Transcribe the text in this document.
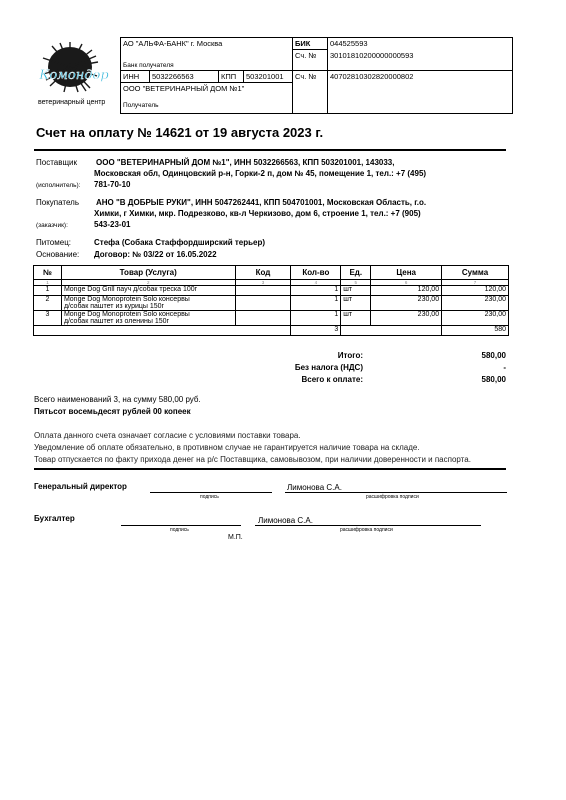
Комондор
ветеринарный центр
АО "АЛЬФА-БАНК" г. Москва				БИК	044525593
Банк получателя				Сч. №	30101810200000000593
ИНН	5032266563	КПП	503201001	Сч. №	40702810302820000802

ООО "ВЕТЕРИНАРНЫЙ ДОМ №1"
Получатель					
Счет на оплату № 14621 от 19 августа 2023 г.
Поставщик
(исполнитель):
ООО "ВЕТЕРИНАРНЫЙ ДОМ №1", ИНН 5032266563, КПП 503201001, 143033,
Московская обл, Одинцовский р-н, Горки-2 п, дом № 45, помещение 1, тел.: +7 (495)
781-70-10
Покупатель
(заказчик):
АНО "В ДОБРЫЕ РУКИ", ИНН 5047262441, КПП 504701001, Московская Область, г.о.
Химки, г Химки, мкр. Подрезково, кв-л Черкизово, дом 6, строение 1, тел.: +7 (905)
543-23-01
Питомец:	Стефа (Собака Стаффордширский терьер)
Основание: Договор: № 03/22 от 16.05.2022
№	Товар (Услуга)	Код	Кол-во	Ед.	Цена	Сумма
1	2	3	4	5	6	7
1	Monge Dog Grill пауч д/собак треска 100г		1	шт	120,00	120,00
2	Monge Dog Monoprotein Solo консервы
д/собак паштет из курицы 150г		1	шт	230,00	230,00
3	Monge Dog Monoprotein Solo консервы
д/собак паштет из оленины 150г		1	шт	230,00	230,00
			3			580
Итого:	580,00
Без налога (НДС)	-
Всего к оплате:	580,00
Всего наименований 3, на сумму 580,00 руб.
Пятьсот восемьдесят рублей 00 копеек
Оплата данного счета означает согласие с условиями поставки товара.
Уведомление об оплате обязательно, в противном случае не гарантируется наличие товара на складе.
Товар отпускается по факту прихода денег на р/с Поставщика, самовывозом, при наличии доверенности и паспорта.
Генеральный директор
подпись
Лимонова С.А.
расшифровка подписи
Бухгалтер
подпись
Лимонова С.А.
расшифровка подписи
М.П.
